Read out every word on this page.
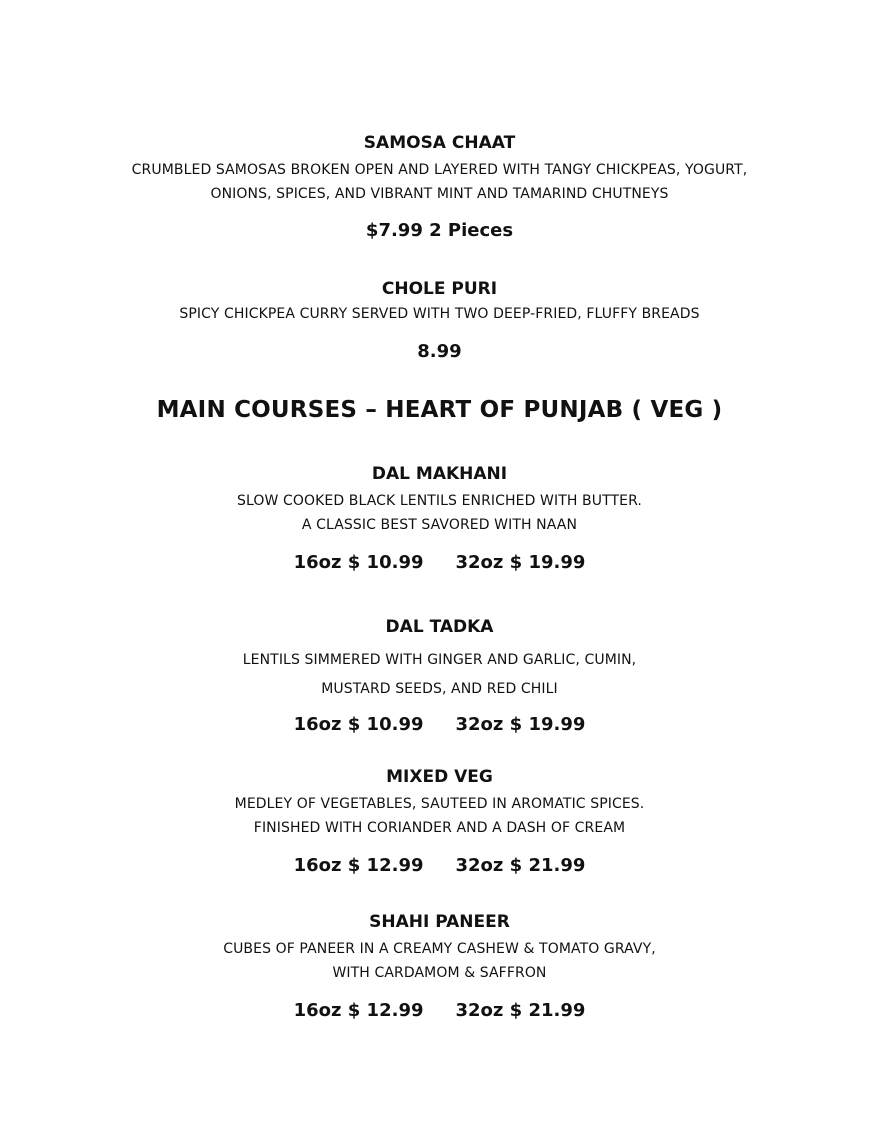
SAMOSA CHAAT
CRUMBLED SAMOSAS BROKEN OPEN AND LAYERED WITH TANGY CHICKPEAS, YOGURT,
ONIONS, SPICES, AND VIBRANT MINT AND TAMARIND CHUTNEYS
$7.99 2 Pieces
CHOLE PURI
SPICY CHICKPEA CURRY SERVED WITH TWO DEEP-FRIED, FLUFFY BREADS
8.99
MAIN COURSES – HEART OF PUNJAB ( VEG )
DAL MAKHANI
SLOW COOKED BLACK LENTILS ENRICHED WITH BUTTER.
A CLASSIC BEST SAVORED WITH NAAN
16oz $ 10.99 32oz $ 19.99
DAL TADKA
LENTILS SIMMERED WITH GINGER AND GARLIC, CUMIN,
MUSTARD SEEDS, AND RED CHILI
16oz $ 10.99 32oz $ 19.99
MIXED VEG
MEDLEY OF VEGETABLES, SAUTEED IN AROMATIC SPICES.
FINISHED WITH CORIANDER AND A DASH OF CREAM
16oz $ 12.99 32oz $ 21.99
SHAHI PANEER
CUBES OF PANEER IN A CREAMY CASHEW & TOMATO GRAVY,
WITH CARDAMOM & SAFFRON
16oz $ 12.99 32oz $ 21.99
